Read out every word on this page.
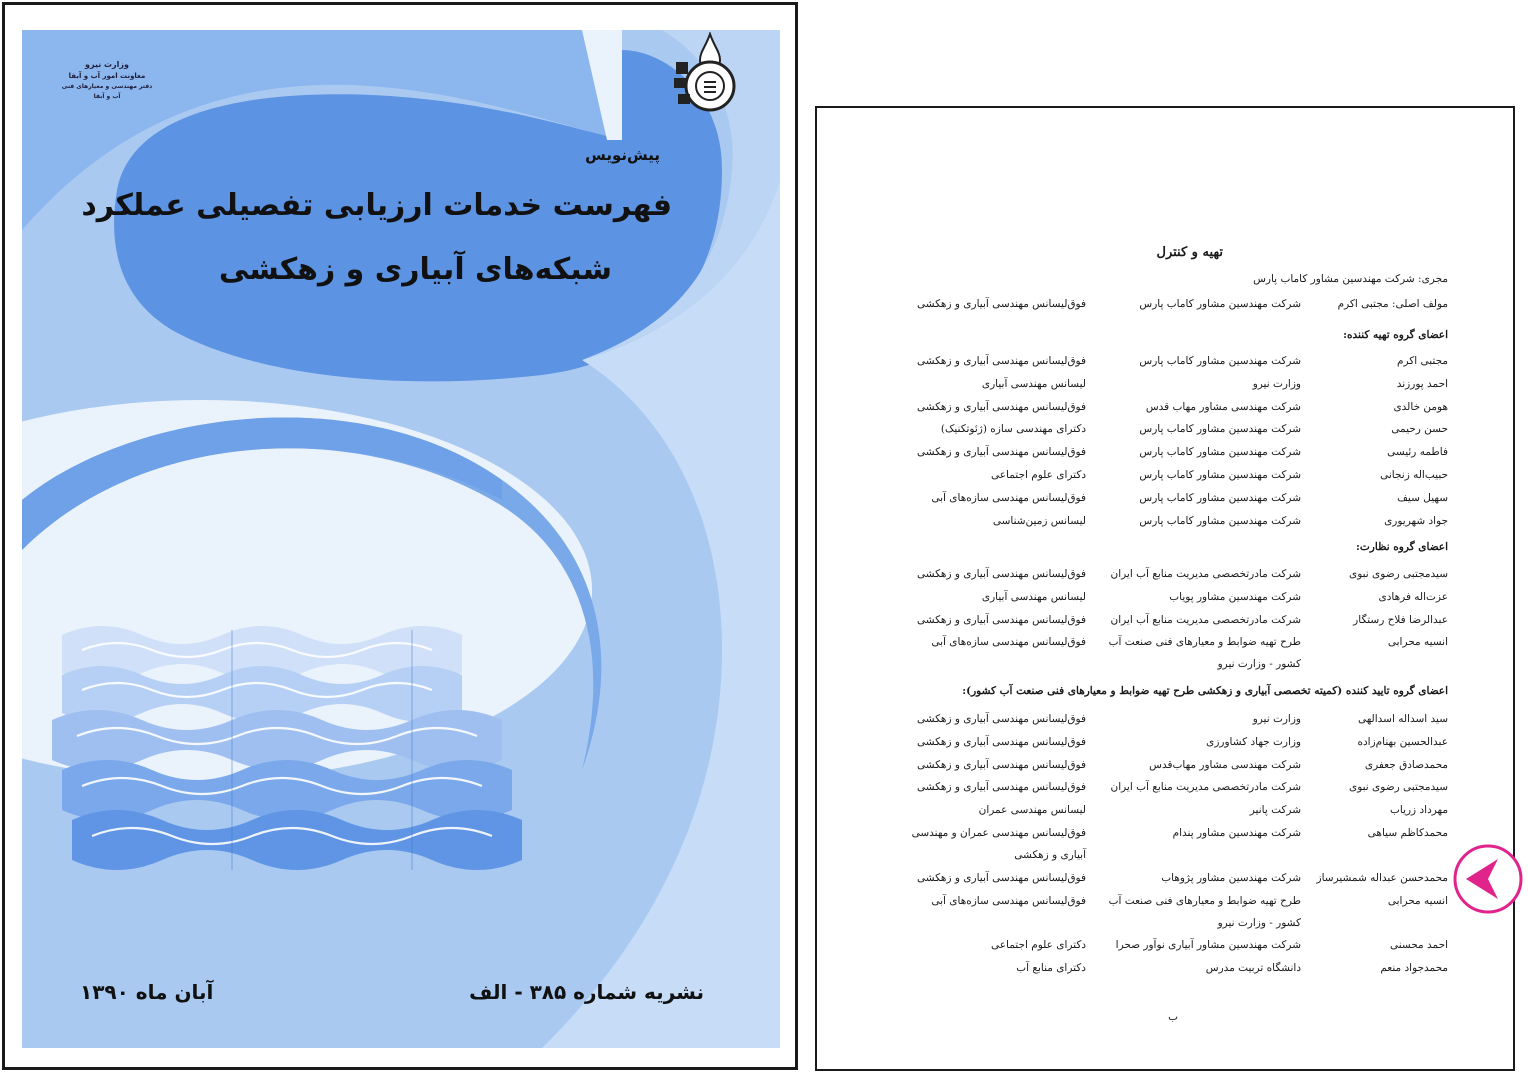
وزارت نیرو
معاونت امور آب و آبفا
دفتر مهندسی و معیارهای فنی
آب و آبفا
پیش‌نویس
فهرست خدمات ارزیابی تفصیلی عملکرد
شبکه‌های آبیاری و زهکشی
نشریه شماره ۳۸۵ - الف
آبان ماه ۱۳۹۰
تهیه و کنترل
مجری: شرکت مهندسین مشاور کاماب پارس
مولف اصلی: مجتبی اکرم
شرکت مهندسین مشاور کاماب پارس
فوق‌لیسانس مهندسی آبیاری و زهکشی
اعضای گروه تهیه کننده:
مجتبی اکرم
شرکت مهندسین مشاور کاماب پارس
فوق‌لیسانس مهندسی آبیاری و زهکشی
احمد پورزند
وزارت نیرو
لیسانس مهندسی آبیاری
هومن خالدی
شرکت مهندسی مشاور مهاب قدس
فوق‌لیسانس مهندسی آبیاری و زهکشی
حسن رحیمی
شرکت مهندسین مشاور کاماب پارس
دکترای مهندسی سازه (ژئوتکنیک)
فاطمه رئیسی
شرکت مهندسین مشاور کاماب پارس
فوق‌لیسانس مهندسی آبیاری و زهکشی
حبیب‌اله زنجانی
شرکت مهندسین مشاور کاماب پارس
دکترای علوم اجتماعی
سهیل سیف
شرکت مهندسین مشاور کاماب پارس
فوق‌لیسانس مهندسی سازه‌های آبی
جواد شهریوری
شرکت مهندسین مشاور کاماب پارس
لیسانس زمین‌شناسی
اعضای گروه نظارت:
سیدمجتبی رضوی نبوی
شرکت مادرتخصصی مدیریت منابع آب ایران
فوق‌لیسانس مهندسی آبیاری و زهکشی
عزت‌اله فرهادی
شرکت مهندسین مشاور پویاب
لیسانس مهندسی آبیاری
عبدالرضا فلاح رستگار
شرکت مادرتخصصی مدیریت منابع آب ایران
فوق‌لیسانس مهندسی آبیاری و زهکشی
انسیه محرابی
طرح تهیه ضوابط و معیارهای فنی صنعت آب
فوق‌لیسانس مهندسی سازه‌های آبی
کشور - وزارت نیرو
اعضای گروه تایید کننده (کمیته تخصصی آبیاری و زهکشی طرح تهیه ضوابط و معیارهای فنی صنعت آب کشور):
سید اسداله اسدالهی
وزارت نیرو
فوق‌لیسانس مهندسی آبیاری و زهکشی
عبدالحسین بهنام‌زاده
وزارت جهاد کشاورزی
فوق‌لیسانس مهندسی آبیاری و زهکشی
محمدصادق جعفری
شرکت مهندسی مشاور مهاب‌قدس
فوق‌لیسانس مهندسی آبیاری و زهکشی
سیدمجتبی رضوی نبوی
شرکت مادرتخصصی مدیریت منابع آب ایران
فوق‌لیسانس مهندسی آبیاری و زهکشی
مهرداد زریاب
شرکت پانیر
لیسانس مهندسی عمران
محمدکاظم سیاهی
شرکت مهندسین مشاور پندام
فوق‌لیسانس مهندسی عمران و مهندسی
آبیاری و زهکشی
محمدحسن عبداله شمشیرساز
شرکت مهندسین مشاور پژوهاب
فوق‌لیسانس مهندسی آبیاری و زهکشی
انسیه محرابی
طرح تهیه ضوابط و معیارهای فنی صنعت آب
فوق‌لیسانس مهندسی سازه‌های آبی
کشور - وزارت نیرو
احمد محسنی
شرکت مهندسین مشاور آبیاری نوآور صحرا
دکترای علوم اجتماعی
محمدجواد منعم
دانشگاه تربیت مدرس
دکترای منابع آب
ب
